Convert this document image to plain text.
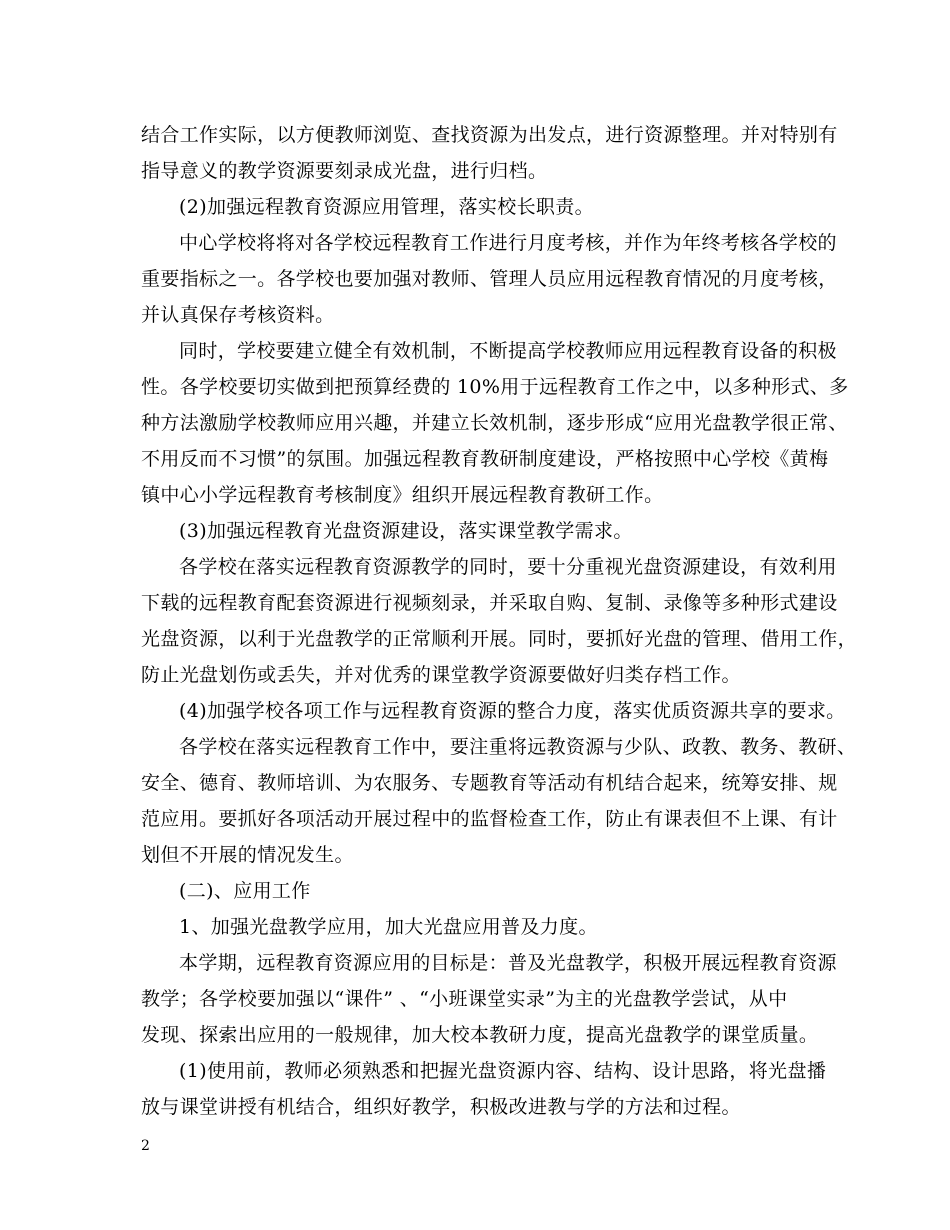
结合工作实际，以方便教师浏览、查找资源为出发点，进行资源整理。并对特别有
指导意义的教学资源要刻录成光盘，进行归档。
(2)加强远程教育资源应用管理，落实校长职责。
中心学校将将对各学校远程教育工作进行月度考核，并作为年终考核各学校的
重要指标之一。各学校也要加强对教师、管理人员应用远程教育情况的月度考核，
并认真保存考核资料。
同时，学校要建立健全有效机制，不断提高学校教师应用远程教育设备的积极
性。各学校要切实做到把预算经费的 10%用于远程教育工作之中，以多种形式、多
种方法激励学校教师应用兴趣，并建立长效机制，逐步形成“应用光盘教学很正常、
不用反而不习惯”的氛围。加强远程教育教研制度建设，严格按照中心学校《黄梅
镇中心小学远程教育考核制度》组织开展远程教育教研工作。
(3)加强远程教育光盘资源建设，落实课堂教学需求。
各学校在落实远程教育资源教学的同时，要十分重视光盘资源建设，有效利用
下载的远程教育配套资源进行视频刻录，并采取自购、复制、录像等多种形式建设
光盘资源，以利于光盘教学的正常顺利开展。同时，要抓好光盘的管理、借用工作，
防止光盘划伤或丢失，并对优秀的课堂教学资源要做好归类存档工作。
(4)加强学校各项工作与远程教育资源的整合力度，落实优质资源共享的要求。
各学校在落实远程教育工作中，要注重将远教资源与少队、政教、教务、教研、
安全、德育、教师培训、为农服务、专题教育等活动有机结合起来，统筹安排、规
范应用。要抓好各项活动开展过程中的监督检查工作，防止有课表但不上课、有计
划但不开展的情况发生。
(二)、应用工作
1、加强光盘教学应用，加大光盘应用普及力度。
本学期，远程教育资源应用的目标是：普及光盘教学，积极开展远程教育资源
教学；各学校要加强以“课件” 、“小班课堂实录”为主的光盘教学尝试，从中
发现、探索出应用的一般规律，加大校本教研力度，提高光盘教学的课堂质量。
(1)使用前，教师必须熟悉和把握光盘资源内容、结构、设计思路，将光盘播
放与课堂讲授有机结合，组织好教学，积极改进教与学的方法和过程。
2
